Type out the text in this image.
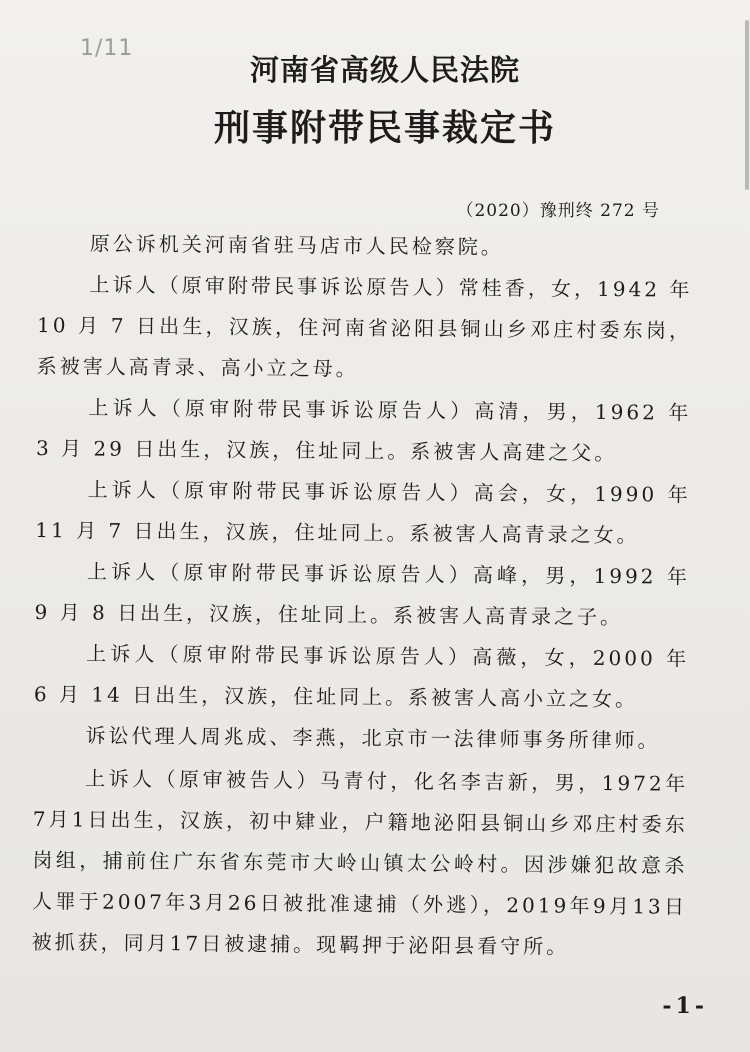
1/11
河南省高级人民法院
刑事附带民事裁定书
（2020）豫刑终 272 号

原公诉机关河南省驻马店市人民检察院。

上诉人（原审附带民事诉讼原告人）常桂香，女，1942 年 10 月 7 日出生，汉族，住河南省泌阳县铜山乡邓庄村委东岗，系被害人高青录、高小立之母。

上诉人（原审附带民事诉讼原告人）高清，男，1962 年 3 月 29 日出生，汉族，住址同上。系被害人高建之父。

上诉人（原审附带民事诉讼原告人）高会，女，1990 年 11 月 7 日出生，汉族，住址同上。系被害人高青录之女。

上诉人（原审附带民事诉讼原告人）高峰，男，1992 年 9 月 8 日出生，汉族，住址同上。系被害人高青录之子。

上诉人（原审附带民事诉讼原告人）高薇，女，2000 年 6 月 14 日出生，汉族，住址同上。系被害人高小立之女。

诉讼代理人周兆成、李燕，北京市一法律师事务所律师。

上诉人（原审被告人）马青付，化名李吉新，男，1972年7月1日出生，汉族，初中肄业，户籍地泌阳县铜山乡邓庄村委东岗组，捕前住广东省东莞市大岭山镇太公岭村。因涉嫌犯故意杀人罪于2007年3月26日被批准逮捕（外逃），2019年9月13日被抓获，同月17日被逮捕。现羁押于泌阳县看守所。

-1-
